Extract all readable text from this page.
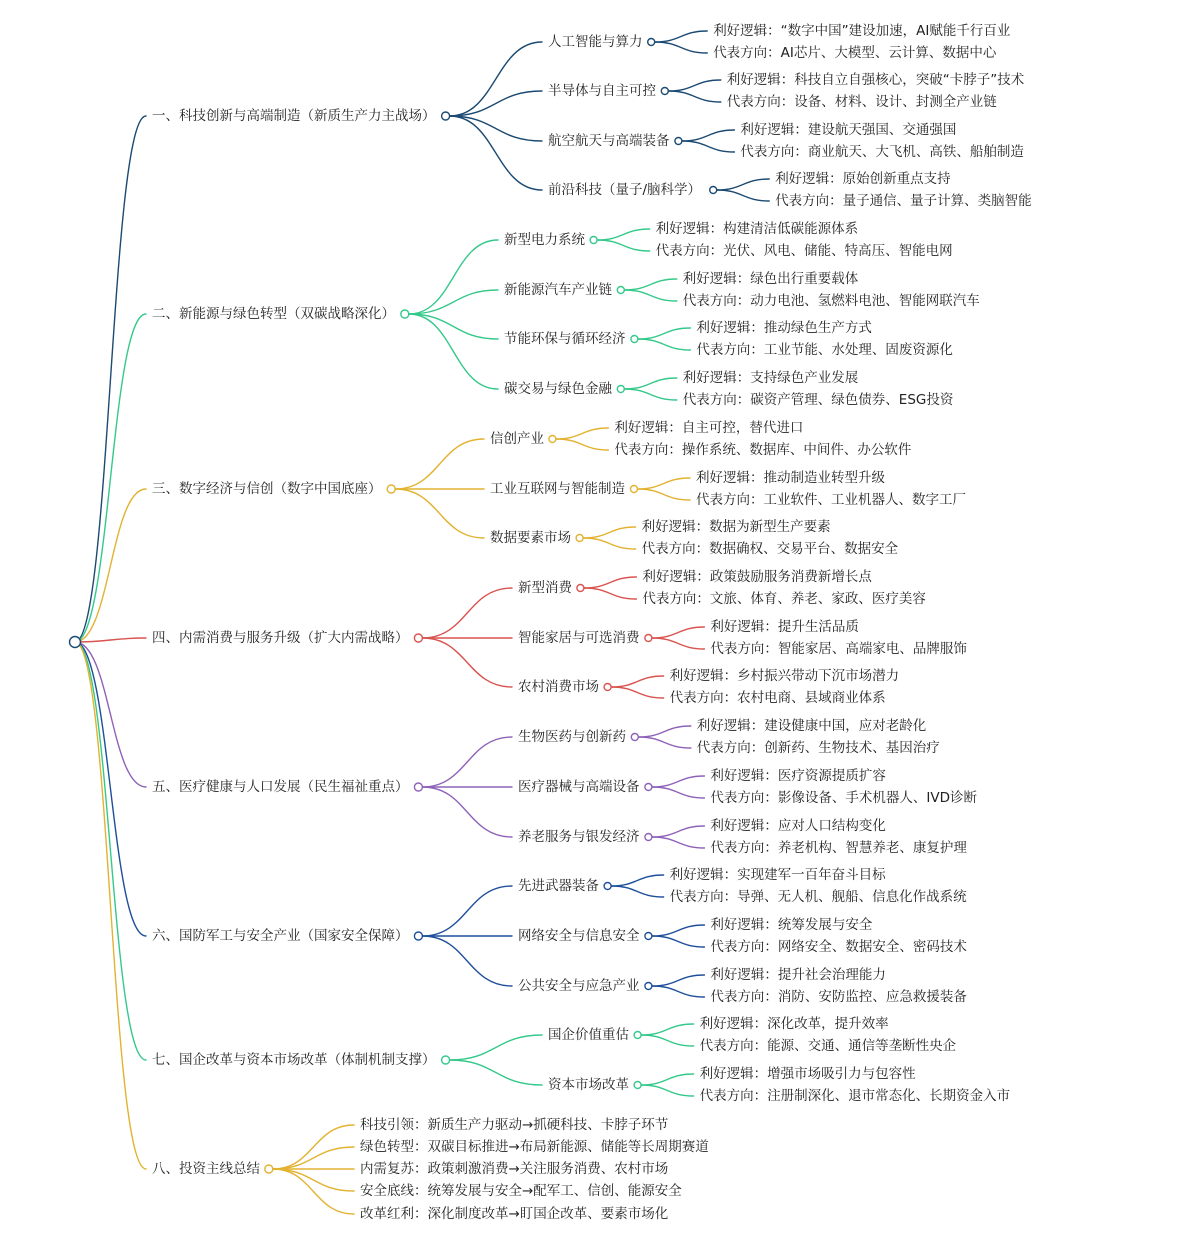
一、科技创新与高端制造（新质生产力主战场）
人工智能与算力
利好逻辑：“数字中国”建设加速，AI赋能千行百业
代表方向：AI芯片、大模型、云计算、数据中心
半导体与自主可控
利好逻辑：科技自立自强核心，突破“卡脖子”技术
代表方向：设备、材料、设计、封测全产业链
航空航天与高端装备
利好逻辑：建设航天强国、交通强国
代表方向：商业航天、大飞机、高铁、船舶制造
前沿科技（量子/脑科学）
利好逻辑：原始创新重点支持
代表方向：量子通信、量子计算、类脑智能
二、新能源与绿色转型（双碳战略深化）
新型电力系统
利好逻辑：构建清洁低碳能源体系
代表方向：光伏、风电、储能、特高压、智能电网
新能源汽车产业链
利好逻辑：绿色出行重要载体
代表方向：动力电池、氢燃料电池、智能网联汽车
节能环保与循环经济
利好逻辑：推动绿色生产方式
代表方向：工业节能、水处理、固废资源化
碳交易与绿色金融
利好逻辑：支持绿色产业发展
代表方向：碳资产管理、绿色债券、ESG投资
三、数字经济与信创（数字中国底座）
信创产业
利好逻辑：自主可控，替代进口
代表方向：操作系统、数据库、中间件、办公软件
工业互联网与智能制造
利好逻辑：推动制造业转型升级
代表方向：工业软件、工业机器人、数字工厂
数据要素市场
利好逻辑：数据为新型生产要素
代表方向：数据确权、交易平台、数据安全
四、内需消费与服务升级（扩大内需战略）
新型消费
利好逻辑：政策鼓励服务消费新增长点
代表方向：文旅、体育、养老、家政、医疗美容
智能家居与可选消费
利好逻辑：提升生活品质
代表方向：智能家居、高端家电、品牌服饰
农村消费市场
利好逻辑：乡村振兴带动下沉市场潜力
代表方向：农村电商、县域商业体系
五、医疗健康与人口发展（民生福祉重点）
生物医药与创新药
利好逻辑：建设健康中国，应对老龄化
代表方向：创新药、生物技术、基因治疗
医疗器械与高端设备
利好逻辑：医疗资源提质扩容
代表方向：影像设备、手术机器人、IVD诊断
养老服务与银发经济
利好逻辑：应对人口结构变化
代表方向：养老机构、智慧养老、康复护理
六、国防军工与安全产业（国家安全保障）
先进武器装备
利好逻辑：实现建军一百年奋斗目标
代表方向：导弹、无人机、舰船、信息化作战系统
网络安全与信息安全
利好逻辑：统筹发展与安全
代表方向：网络安全、数据安全、密码技术
公共安全与应急产业
利好逻辑：提升社会治理能力
代表方向：消防、安防监控、应急救援装备
七、国企改革与资本市场改革（体制机制支撑）
国企价值重估
利好逻辑：深化改革，提升效率
代表方向：能源、交通、通信等垄断性央企
资本市场改革
利好逻辑：增强市场吸引力与包容性
代表方向：注册制深化、退市常态化、长期资金入市
八、投资主线总结
科技引领：新质生产力驱动→抓硬科技、卡脖子环节
绿色转型：双碳目标推进→布局新能源、储能等长周期赛道
内需复苏：政策刺激消费→关注服务消费、农村市场
安全底线：统筹发展与安全→配军工、信创、能源安全
改革红利：深化制度改革→盯国企改革、要素市场化
